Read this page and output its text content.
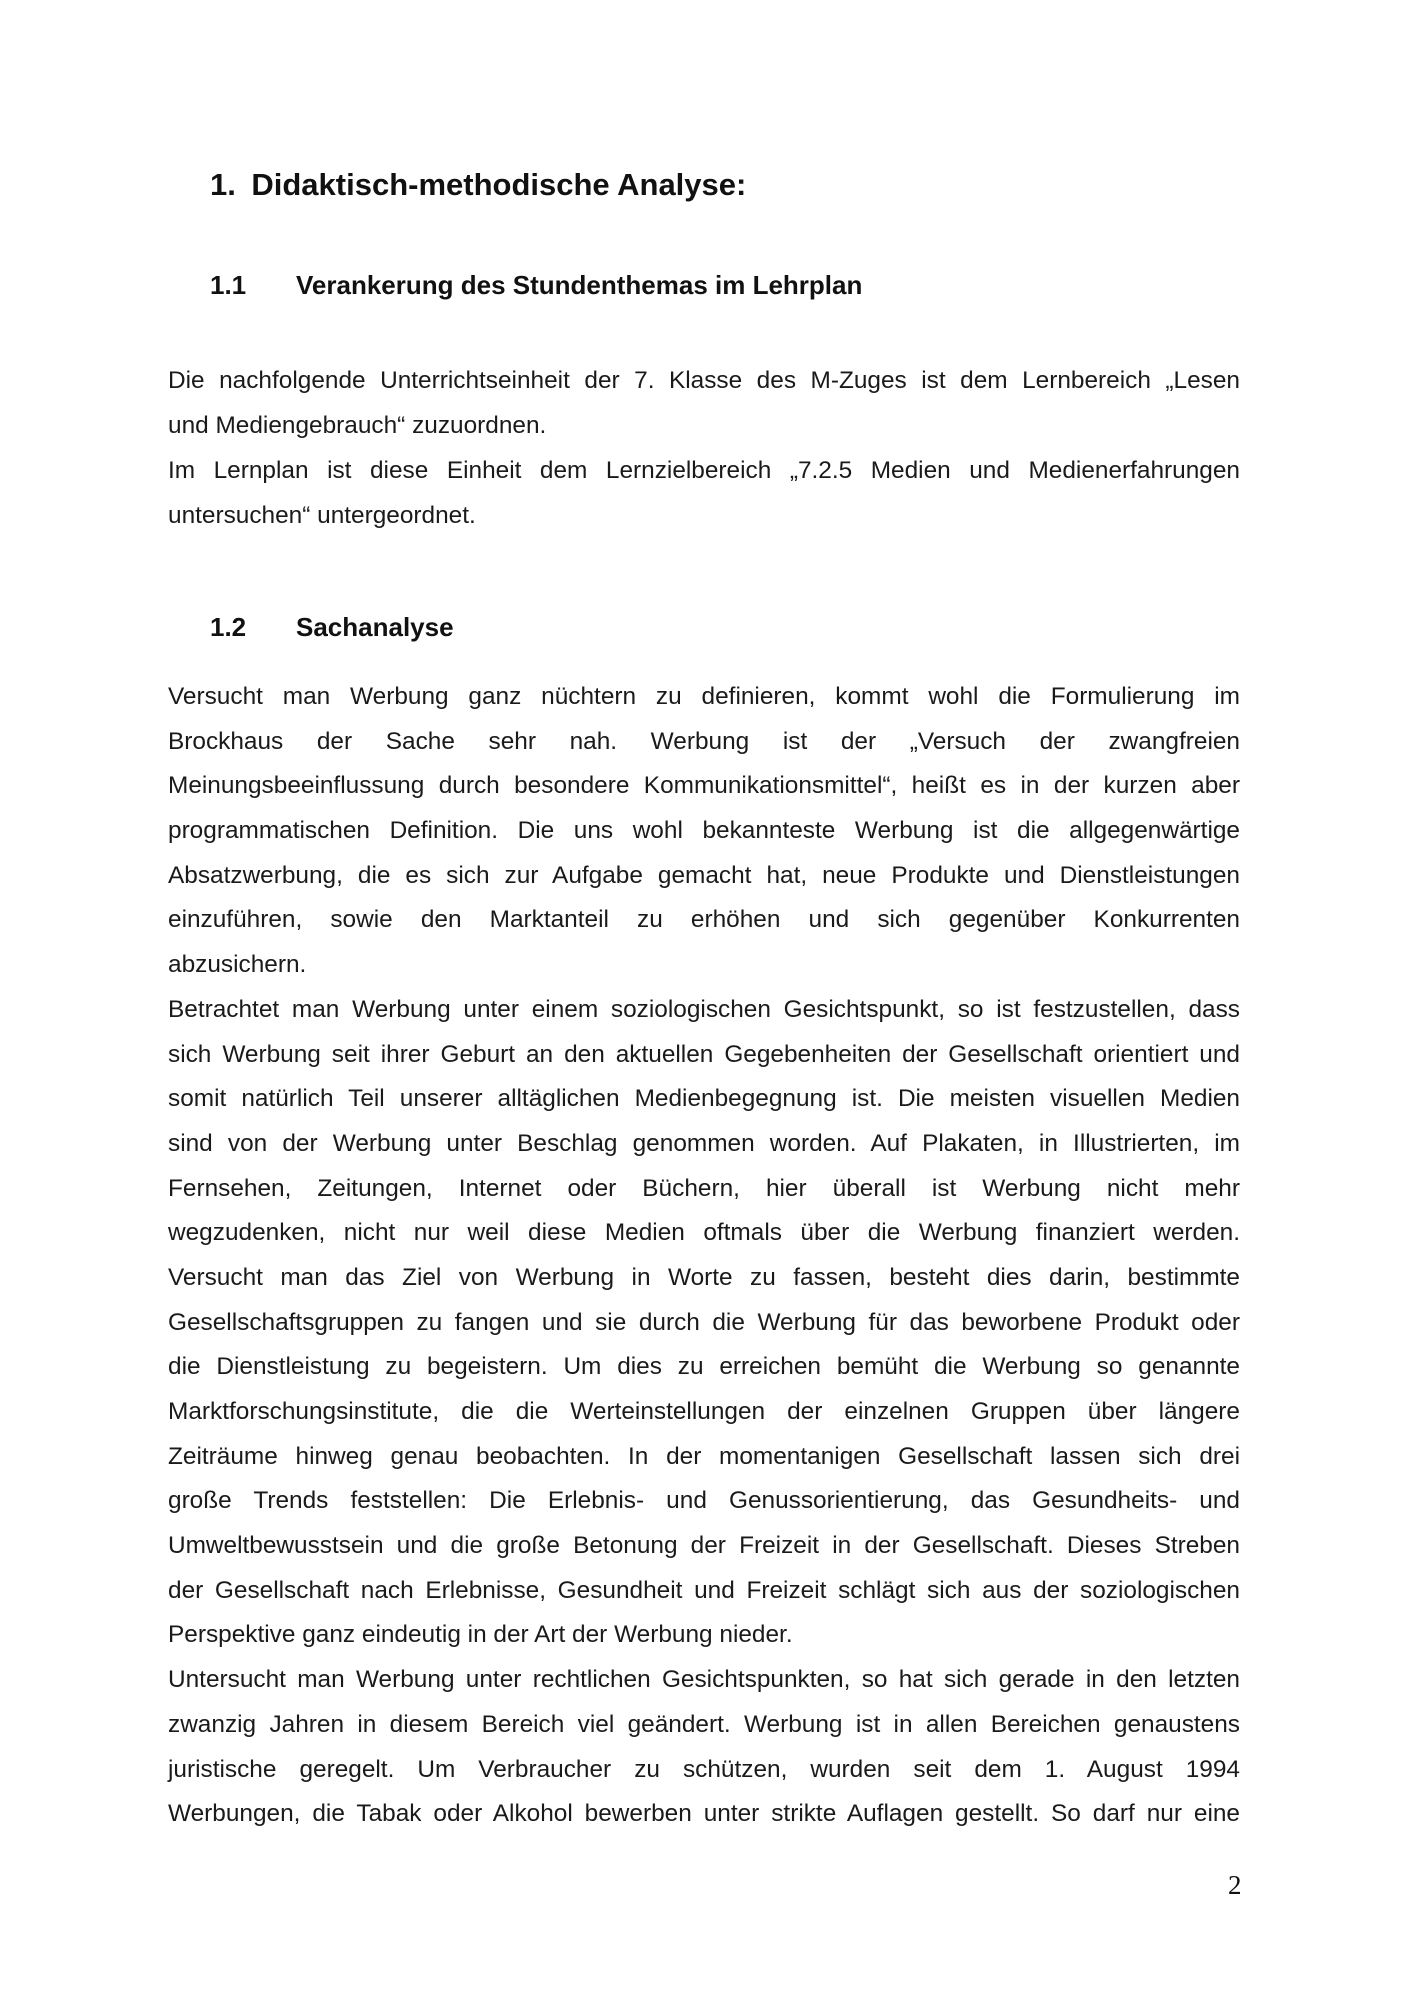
1. Didaktisch-methodische Analyse:
1.1 Verankerung des Stundenthemas im Lehrplan
Die nachfolgende Unterrichtseinheit der 7. Klasse des M-Zuges ist dem Lernbereich „Lesen
und Mediengebrauch“ zuzuordnen.
Im Lernplan ist diese Einheit dem Lernzielbereich „7.2.5 Medien und Medienerfahrungen
untersuchen“ untergeordnet.
1.2 Sachanalyse
Versucht man Werbung ganz nüchtern zu definieren, kommt wohl die Formulierung im
Brockhaus der Sache sehr nah. Werbung ist der „Versuch der zwangfreien
Meinungsbeeinflussung durch besondere Kommunikationsmittel“, heißt es in der kurzen aber
programmatischen Definition. Die uns wohl bekannteste Werbung ist die allgegenwärtige
Absatzwerbung, die es sich zur Aufgabe gemacht hat, neue Produkte und Dienstleistungen
einzuführen, sowie den Marktanteil zu erhöhen und sich gegenüber Konkurrenten
abzusichern.
Betrachtet man Werbung unter einem soziologischen Gesichtspunkt, so ist festzustellen, dass
sich Werbung seit ihrer Geburt an den aktuellen Gegebenheiten der Gesellschaft orientiert und
somit natürlich Teil unserer alltäglichen Medienbegegnung ist. Die meisten visuellen Medien
sind von der Werbung unter Beschlag genommen worden. Auf Plakaten, in Illustrierten, im
Fernsehen, Zeitungen, Internet oder Büchern, hier überall ist Werbung nicht mehr
wegzudenken, nicht nur weil diese Medien oftmals über die Werbung finanziert werden.
Versucht man das Ziel von Werbung in Worte zu fassen, besteht dies darin, bestimmte
Gesellschaftsgruppen zu fangen und sie durch die Werbung für das beworbene Produkt oder
die Dienstleistung zu begeistern. Um dies zu erreichen bemüht die Werbung so genannte
Marktforschungsinstitute, die die Werteinstellungen der einzelnen Gruppen über längere
Zeiträume hinweg genau beobachten. In der momentanigen Gesellschaft lassen sich drei
große Trends feststellen: Die Erlebnis- und Genussorientierung, das Gesundheits- und
Umweltbewusstsein und die große Betonung der Freizeit in der Gesellschaft. Dieses Streben
der Gesellschaft nach Erlebnisse, Gesundheit und Freizeit schlägt sich aus der soziologischen
Perspektive ganz eindeutig in der Art der Werbung nieder.
Untersucht man Werbung unter rechtlichen Gesichtspunkten, so hat sich gerade in den letzten
zwanzig Jahren in diesem Bereich viel geändert. Werbung ist in allen Bereichen genaustens
juristische geregelt. Um Verbraucher zu schützen, wurden seit dem 1. August 1994
Werbungen, die Tabak oder Alkohol bewerben unter strikte Auflagen gestellt. So darf nur eine
2
